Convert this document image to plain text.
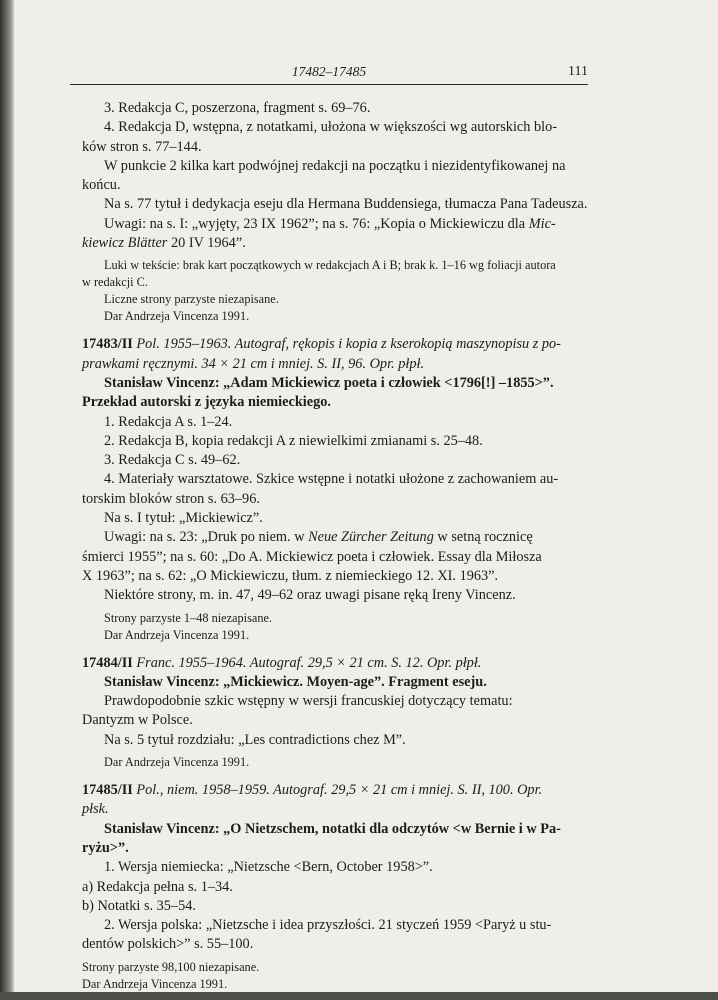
17482–17485	111

3. Redakcja C, poszerzona, fragment s. 69–76.

4. Redakcja D, wstępna, z notatkami, ułożona w większości wg autorskich blo-

ków stron s. 77–144.

W punkcie 2 kilka kart podwójnej redakcji na początku i niezidentyfikowanej na

końcu.

Na s. 77 tytuł i dedykacja eseju dla Hermana Buddensiega, tłumacza Pana Tadeusza.

Uwagi: na s. I: „wyjęty, 23 IX 1962”; na s. 76: „Kopia o Mickiewiczu dla Mic-

kiewicz Blätter 20 IV 1964”.

Luki w tekście: brak kart początkowych w redakcjach A i B; brak k. 1–16 wg foliacji autora

w redakcji C.

Liczne strony parzyste niezapisane.

Dar Andrzeja Vincenza 1991.

17483/II Pol. 1955–1963. Autograf, rękopis i kopia z kserokopią maszynopisu z po-

prawkami ręcznymi. 34 × 21 cm i mniej. S. II, 96. Opr. płpł.

Stanisław Vincenz: „Adam Mickiewicz poeta i człowiek <1796[!] –1855>”.

Przekład autorski z języka niemieckiego.

1. Redakcja A s. 1–24.

2. Redakcja B, kopia redakcji A z niewielkimi zmianami s. 25–48.

3. Redakcja C s. 49–62.

4. Materiały warsztatowe. Szkice wstępne i notatki ułożone z zachowaniem au-

torskim bloków stron s. 63–96.

Na s. I tytuł: „Mickiewicz”.

Uwagi: na s. 23: „Druk po niem. w Neue Zürcher Zeitung w setną rocznicę

śmierci 1955”; na s. 60: „Do A. Mickiewicz poeta i człowiek. Essay dla Miłosza

X 1963”; na s. 62: „O Mickiewiczu, tłum. z niemieckiego 12. XI. 1963”.

Niektóre strony, m. in. 47, 49–62 oraz uwagi pisane ręką Ireny Vincenz.

Strony parzyste 1–48 niezapisane.

Dar Andrzeja Vincenza 1991.

17484/II Franc. 1955–1964. Autograf. 29,5 × 21 cm. S. 12. Opr. płpł.

Stanisław Vincenz: „Mickiewicz. Moyen-age”. Fragment eseju.

Prawdopodobnie szkic wstępny w wersji francuskiej dotyczący tematu:

Dantyzm w Polsce.

Na s. 5 tytuł rozdziału: „Les contradictions chez M”.

Dar Andrzeja Vincenza 1991.

17485/II Pol., niem. 1958–1959. Autograf. 29,5 × 21 cm i mniej. S. II, 100. Opr.

płsk.

Stanisław Vincenz: „O Nietzschem, notatki dla odczytów <w Bernie i w Pa-

ryżu>”.

1. Wersja niemiecka: „Nietzsche <Bern, October 1958>”.

a) Redakcja pełna s. 1–34.

b) Notatki s. 35–54.

2. Wersja polska: „Nietzsche i idea przyszłości. 21 styczeń 1959 <Paryż u stu-

dentów polskich>” s. 55–100.

Strony parzyste 98,100 niezapisane.

Dar Andrzeja Vincenza 1991.
